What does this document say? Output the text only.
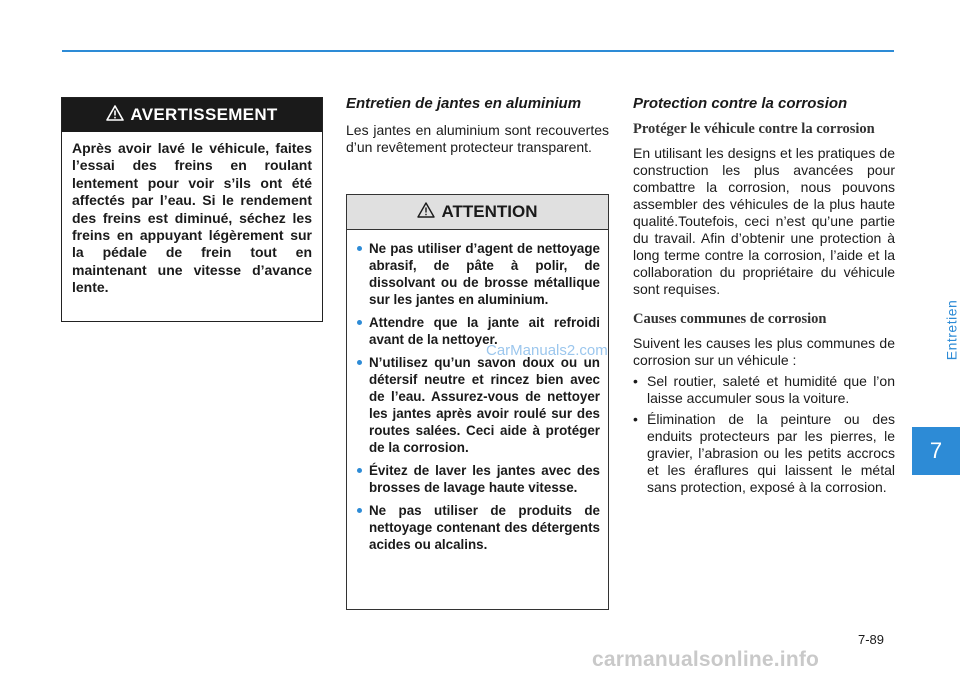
Entretien
7
AVERTISSEMENT
Après avoir lavé le véhicule, faites l’essai des freins en roulant lentement pour voir s’ils ont été affectés par l’eau. Si le rendement des freins est diminué, séchez les freins en appuyant légèrement sur la pédale de frein tout en maintenant une vitesse d’avance lente.
Entretien de jantes en aluminium
Les jantes en aluminium sont recouvertes d’un revêtement protecteur transparent.
ATTENTION
Ne pas utiliser d’agent de nettoyage abrasif, de pâte à polir, de dissolvant ou de brosse métallique sur les jantes en aluminium.
Attendre que la jante ait refroidi avant de la nettoyer.
N’utilisez qu’un savon doux ou un détersif neutre et rincez bien avec de l’eau. Assurez-vous de nettoyer les jantes après avoir roulé sur des routes salées. Ceci aide à protéger de la corrosion.
Évitez de laver les jantes avec des brosses de lavage haute vitesse.
Ne pas utiliser de produits de nettoyage contenant des détergents acides ou alcalins.
Protection contre la corrosion
Protéger le véhicule contre la corrosion
En utilisant les designs et les pratiques de construction les plus avancées pour combattre la corrosion, nous pouvons assembler des véhicules de la plus haute qualité.Toutefois, ceci n’est qu’une partie du travail. Afin d’obtenir une protection à long terme contre la corrosion, l’aide et la collaboration du propriétaire du véhicule sont requises.
Causes communes de corrosion
Suivent les causes les plus communes de corrosion sur un véhicule :
• Sel routier, saleté et humidité que l’on laisse accumuler sous la voiture.
• Élimination de la peinture ou des enduits protecteurs par les pierres, le gravier, l’abrasion ou les petits accrocs et les éraflures qui laissent le métal sans protection, exposé à la corrosion.
CarManuals2.com
7-89
carmanualsonline.info
